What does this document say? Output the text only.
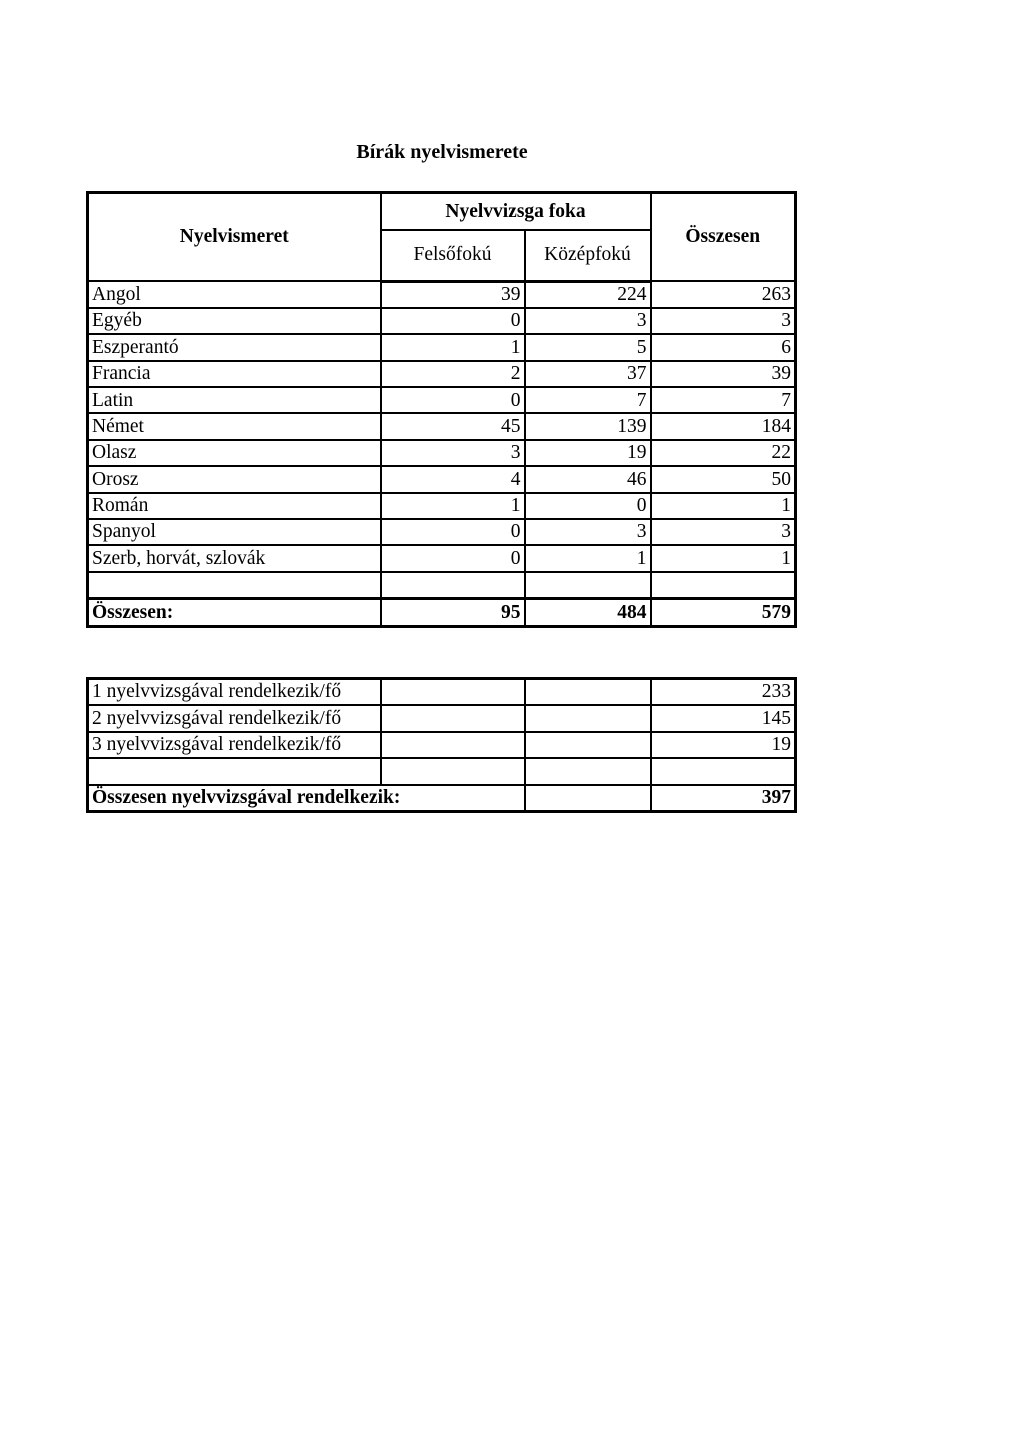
Bírák nyelvismerete
Nyelvismeret	Nyelvvizsga foka		Összesen
	Felsőfokú	Középfokú	
Angol	39	224	263
Egyéb	0	3	3
Eszperantó	1	5	6
Francia	2	37	39
Latin	0	7	7
Német	45	139	184
Olasz	3	19	22
Orosz	4	46	50
Román	1	0	1
Spanyol	0	3	3
Szerb, horvát, szlovák	0	1	1

Összesen:	95	484	579
1 nyelvvizsgával rendelkezik/fő			233
2 nyelvvizsgával rendelkezik/fő			145
3 nyelvvizsgával rendelkezik/fő			19

Összesen nyelvvizsgával rendelkezik:			397
